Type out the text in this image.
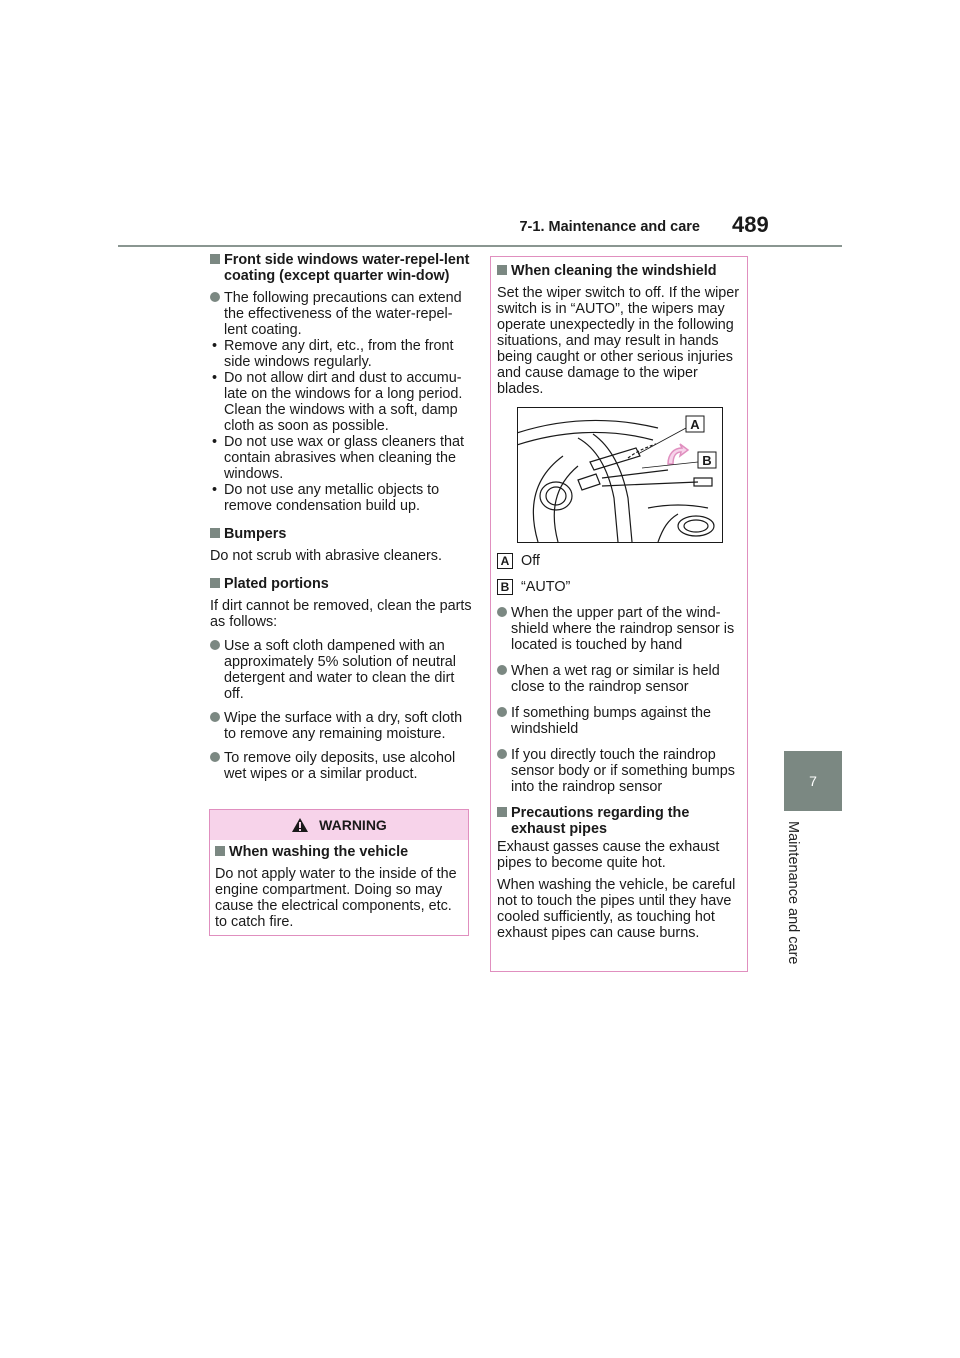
7-1. Maintenance and care 489
7
Maintenance and care
Front side windows water-repel-lent coating (except quarter win-dow)
The following precautions can extend the effectiveness of the water-repel-lent coating.
• Remove any dirt, etc., from the front side windows regularly.
• Do not allow dirt and dust to accumu-late on the windows for a long period. Clean the windows with a soft, damp cloth as soon as possible.
• Do not use wax or glass cleaners that contain abrasives when cleaning the windows.
• Do not use any metallic objects to remove condensation build up.
Bumpers
Do not scrub with abrasive cleaners.
Plated portions
If dirt cannot be removed, clean the parts as follows:
Use a soft cloth dampened with an approximately 5% solution of neutral detergent and water to clean the dirt off.
Wipe the surface with a dry, soft cloth to remove any remaining moisture.
To remove oily deposits, use alcohol wet wipes or a similar product.
WARNING
When washing the vehicle
Do not apply water to the inside of the engine compartment. Doing so may cause the electrical components, etc. to catch fire.
When cleaning the windshield
Set the wiper switch to off. If the wiper switch is in “AUTO”, the wipers may operate unexpectedly in the following situations, and may result in hands being caught or other serious injuries and cause damage to the wiper blades.
A
B
A Off
B “AUTO”
When the upper part of the wind-shield where the raindrop sensor is located is touched by hand
When a wet rag or similar is held close to the raindrop sensor
If something bumps against the windshield
If you directly touch the raindrop sensor body or if something bumps into the raindrop sensor
Precautions regarding the exhaust pipes
Exhaust gasses cause the exhaust pipes to become quite hot.
When washing the vehicle, be careful not to touch the pipes until they have cooled sufficiently, as touching hot exhaust pipes can cause burns.
